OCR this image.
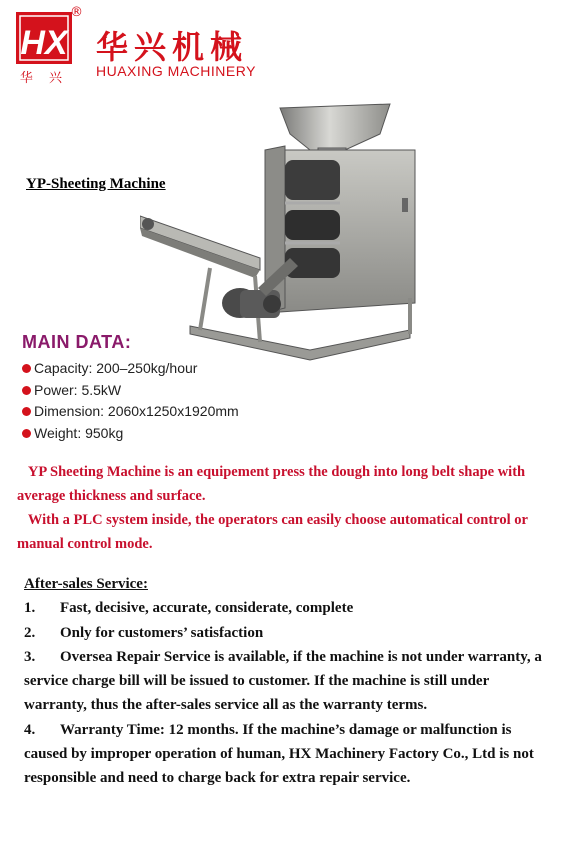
HX
华 兴
®
华兴机械
HUAXING MACHINERY
YP-Sheeting Machine
MAIN DATA:
Capacity: 200–250kg/hour
Power: 5.5kW
Dimension: 2060x1250x1920mm
Weight: 950kg

YP Sheeting Machine is an equipement press the dough into long belt shape with average thickness and surface.

With a PLC system inside, the operators can easily choose automatical control or manual control mode.

After-sales Service:

1. Fast, decisive, accurate, considerate, complete

2. Only for customers’ satisfaction

3. Oversea Repair Service is available, if the machine is not under warranty, a service charge bill will be issued to customer. If the machine is still under warranty, thus the after-sales service all as the warranty terms.

4. Warranty Time: 12 months. If the machine’s damage or malfunction is caused by improper operation of human, HX Machinery Factory Co., Ltd is not responsible and need to charge back for extra repair service.
